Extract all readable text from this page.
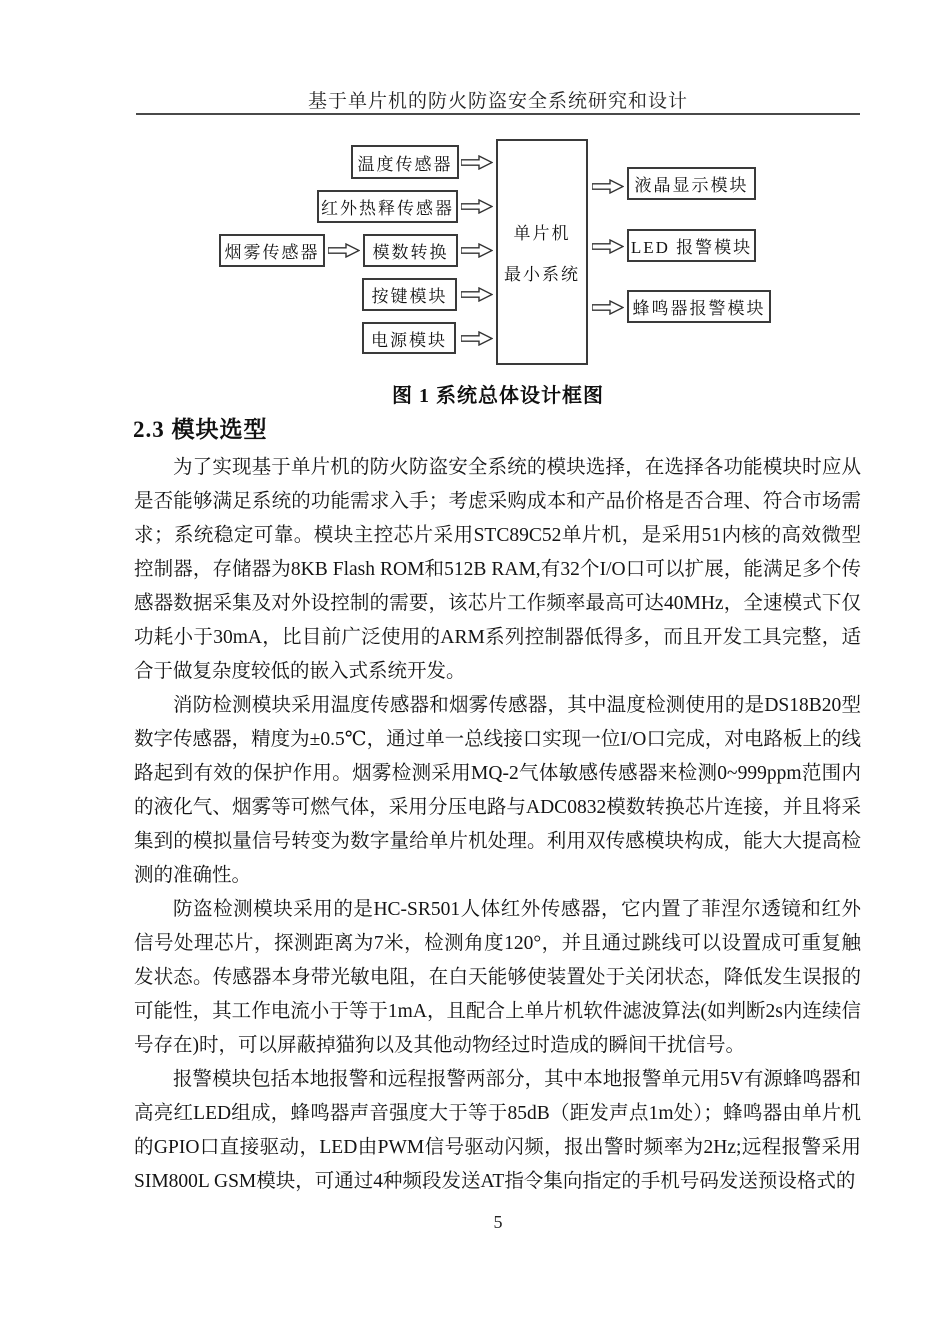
基于单片机的防火防盗安全系统研究和设计
温度传感器
红外热释传感器
烟雾传感器	模数转换
按键模块
电源模块
单片机
最小系统
液晶显示模块
LED 报警模块
蜂鸣器报警模块
图 1 系统总体设计框图
2.3 模块选型

为了实现基于单片机的防火防盗安全系统的模块选择，在选择各功能模块时应从是否能够满足系统的功能需求入手；考虑采购成本和产品价格是否合理、符合市场需求；系统稳定可靠。模块主控芯片采用STC89C52单片机，是采用51内核的高效微型控制器，存储器为8KB Flash ROM和512B RAM,有32个I/O口可以扩展，能满足多个传感器数据采集及对外设控制的需要，该芯片工作频率最高可达40MHz，全速模式下仅功耗小于30mA，比目前广泛使用的ARM系列控制器低得多，而且开发工具完整，适合于做复杂度较低的嵌入式系统开发。

消防检测模块采用温度传感器和烟雾传感器，其中温度检测使用的是DS18B20型数字传感器，精度为±0.5℃，通过单一总线接口实现一位I/O口完成，对电路板上的线路起到有效的保护作用。烟雾检测采用MQ-2气体敏感传感器来检测0~999ppm范围内的液化气、烟雾等可燃气体，采用分压电路与ADC0832模数转换芯片连接，并且将采集到的模拟量信号转变为数字量给单片机处理。利用双传感模块构成，能大大提高检测的准确性。

防盗检测模块采用的是HC-SR501人体红外传感器，它内置了菲涅尔透镜和红外信号处理芯片，探测距离为7米，检测角度120°，并且通过跳线可以设置成可重复触发状态。传感器本身带光敏电阻，在白天能够使装置处于关闭状态，降低发生误报的可能性，其工作电流小于等于1mA，且配合上单片机软件滤波算法(如判断2s内连续信号存在)时，可以屏蔽掉猫狗以及其他动物经过时造成的瞬间干扰信号。

报警模块包括本地报警和远程报警两部分，其中本地报警单元用5V有源蜂鸣器和高亮红LED组成，蜂鸣器声音强度大于等于85dB（距发声点1m处）；蜂鸣器由单片机的GPIO口直接驱动，LED由PWM信号驱动闪频，报出警时频率为2Hz;远程报警采用SIM800L GSM模块，可通过4种频段发送AT指令集向指定的手机号码发送预设格式的

5
